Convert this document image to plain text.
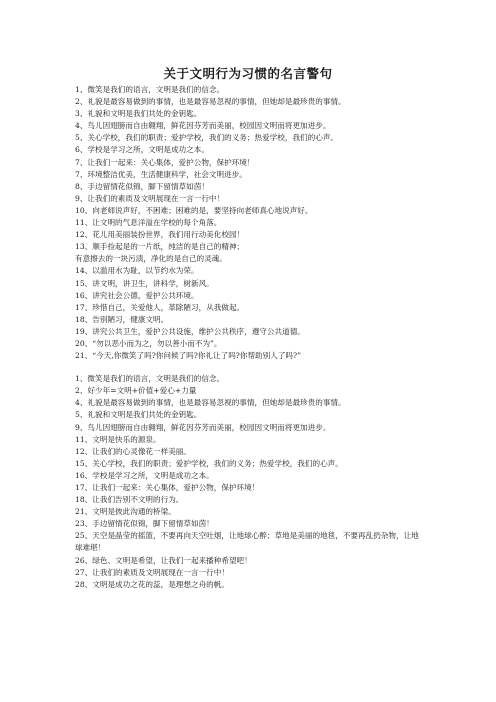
关于文明行为习惯的名言警句
1、微笑是我们的语言，文明是我们的信念。
2、礼貌是最容易做到的事情，也是最容易忽视的事情，但她却是最珍贵的事情。
3、礼貌和文明是我们共处的金钥匙。
4、鸟儿因翅膀而自由翱翔，鲜花因芬芳而美丽，校园因文明而将更加进步。
5、关心学校，我们的职责；爱护学校，我们的义务；热爱学校，我们的心声。
6、学校是学习之所，文明是成功之本。
7、让我们一起来：关心集体，爱护公物，保护环境！
7、环境整洁优美，生活健康科学，社会文明进步。
8、手边留情花似锦，脚下留情草如茵！
9、让我们的素质及文明展现在一言一行中！
10、向老师说声好，不困难；困难的是，要坚持向老师真心地说声好。
11、让文明的气息洋溢在学校的每个角落。
12、花儿用美丽装扮世界，我们用行动美化校园！
13、顺手捡起是的一片纸，纯洁的是自己的精神；
有意擦去的一块污渍，净化的是自己的灵魂。
14、以滥用水为耻，以节约水为荣。
15、讲文明，讲卫生，讲科学，树新风。
16、讲究社会公德，爱护公共环境。
17、珍惜自己，关爱他人，革除陋习，从我做起。
18、告别陋习，健康文明。
19、讲究公共卫生，爱护公共设施，维护公共秩序，遵守公共道德。
20、“勿以恶小而为之，勿以善小而不为”。
21、“今天,你微笑了吗?你问候了吗?你礼让了吗?你帮助别人了吗?”
1、微笑是我们的语言，文明是我们的信念。
2、好少年=文明+价值+爱心+力量
4、礼貌是最容易做到的事情，也是最容易忽视的事情，但她却是最珍贵的事情。
5、礼貌和文明是我们共处的金钥匙。
9、鸟儿因翅膀而自由翱翔，鲜花因芬芳而美丽，校园因文明而将更加进步。
11、文明是快乐的源泉。
12、让我们的心灵像花一样美丽。
15、关心学校，我们的职责；爱护学校，我们的义务；热爱学校，我们的心声。
16、学校是学习之所，文明是成功之本。
17、让我们一起来：关心集体，爱护公物，保护环境！
18、让我们告别不文明的行为。
21、文明是彼此沟通的桥梁。
23、手边留情花似锦，脚下留情草如茵！
25、天空是晶莹的摇篮，不要再向天空吐烟，让地球心醉；草地是美丽的地毯，不要再乱扔杂物，让地球难堪！
26、绿色、文明是希望，让我们一起来播种希望吧！
27、让我们的素质及文明展现在一言一行中！
28、文明是成功之花的蕊，是理想之舟的帆。
